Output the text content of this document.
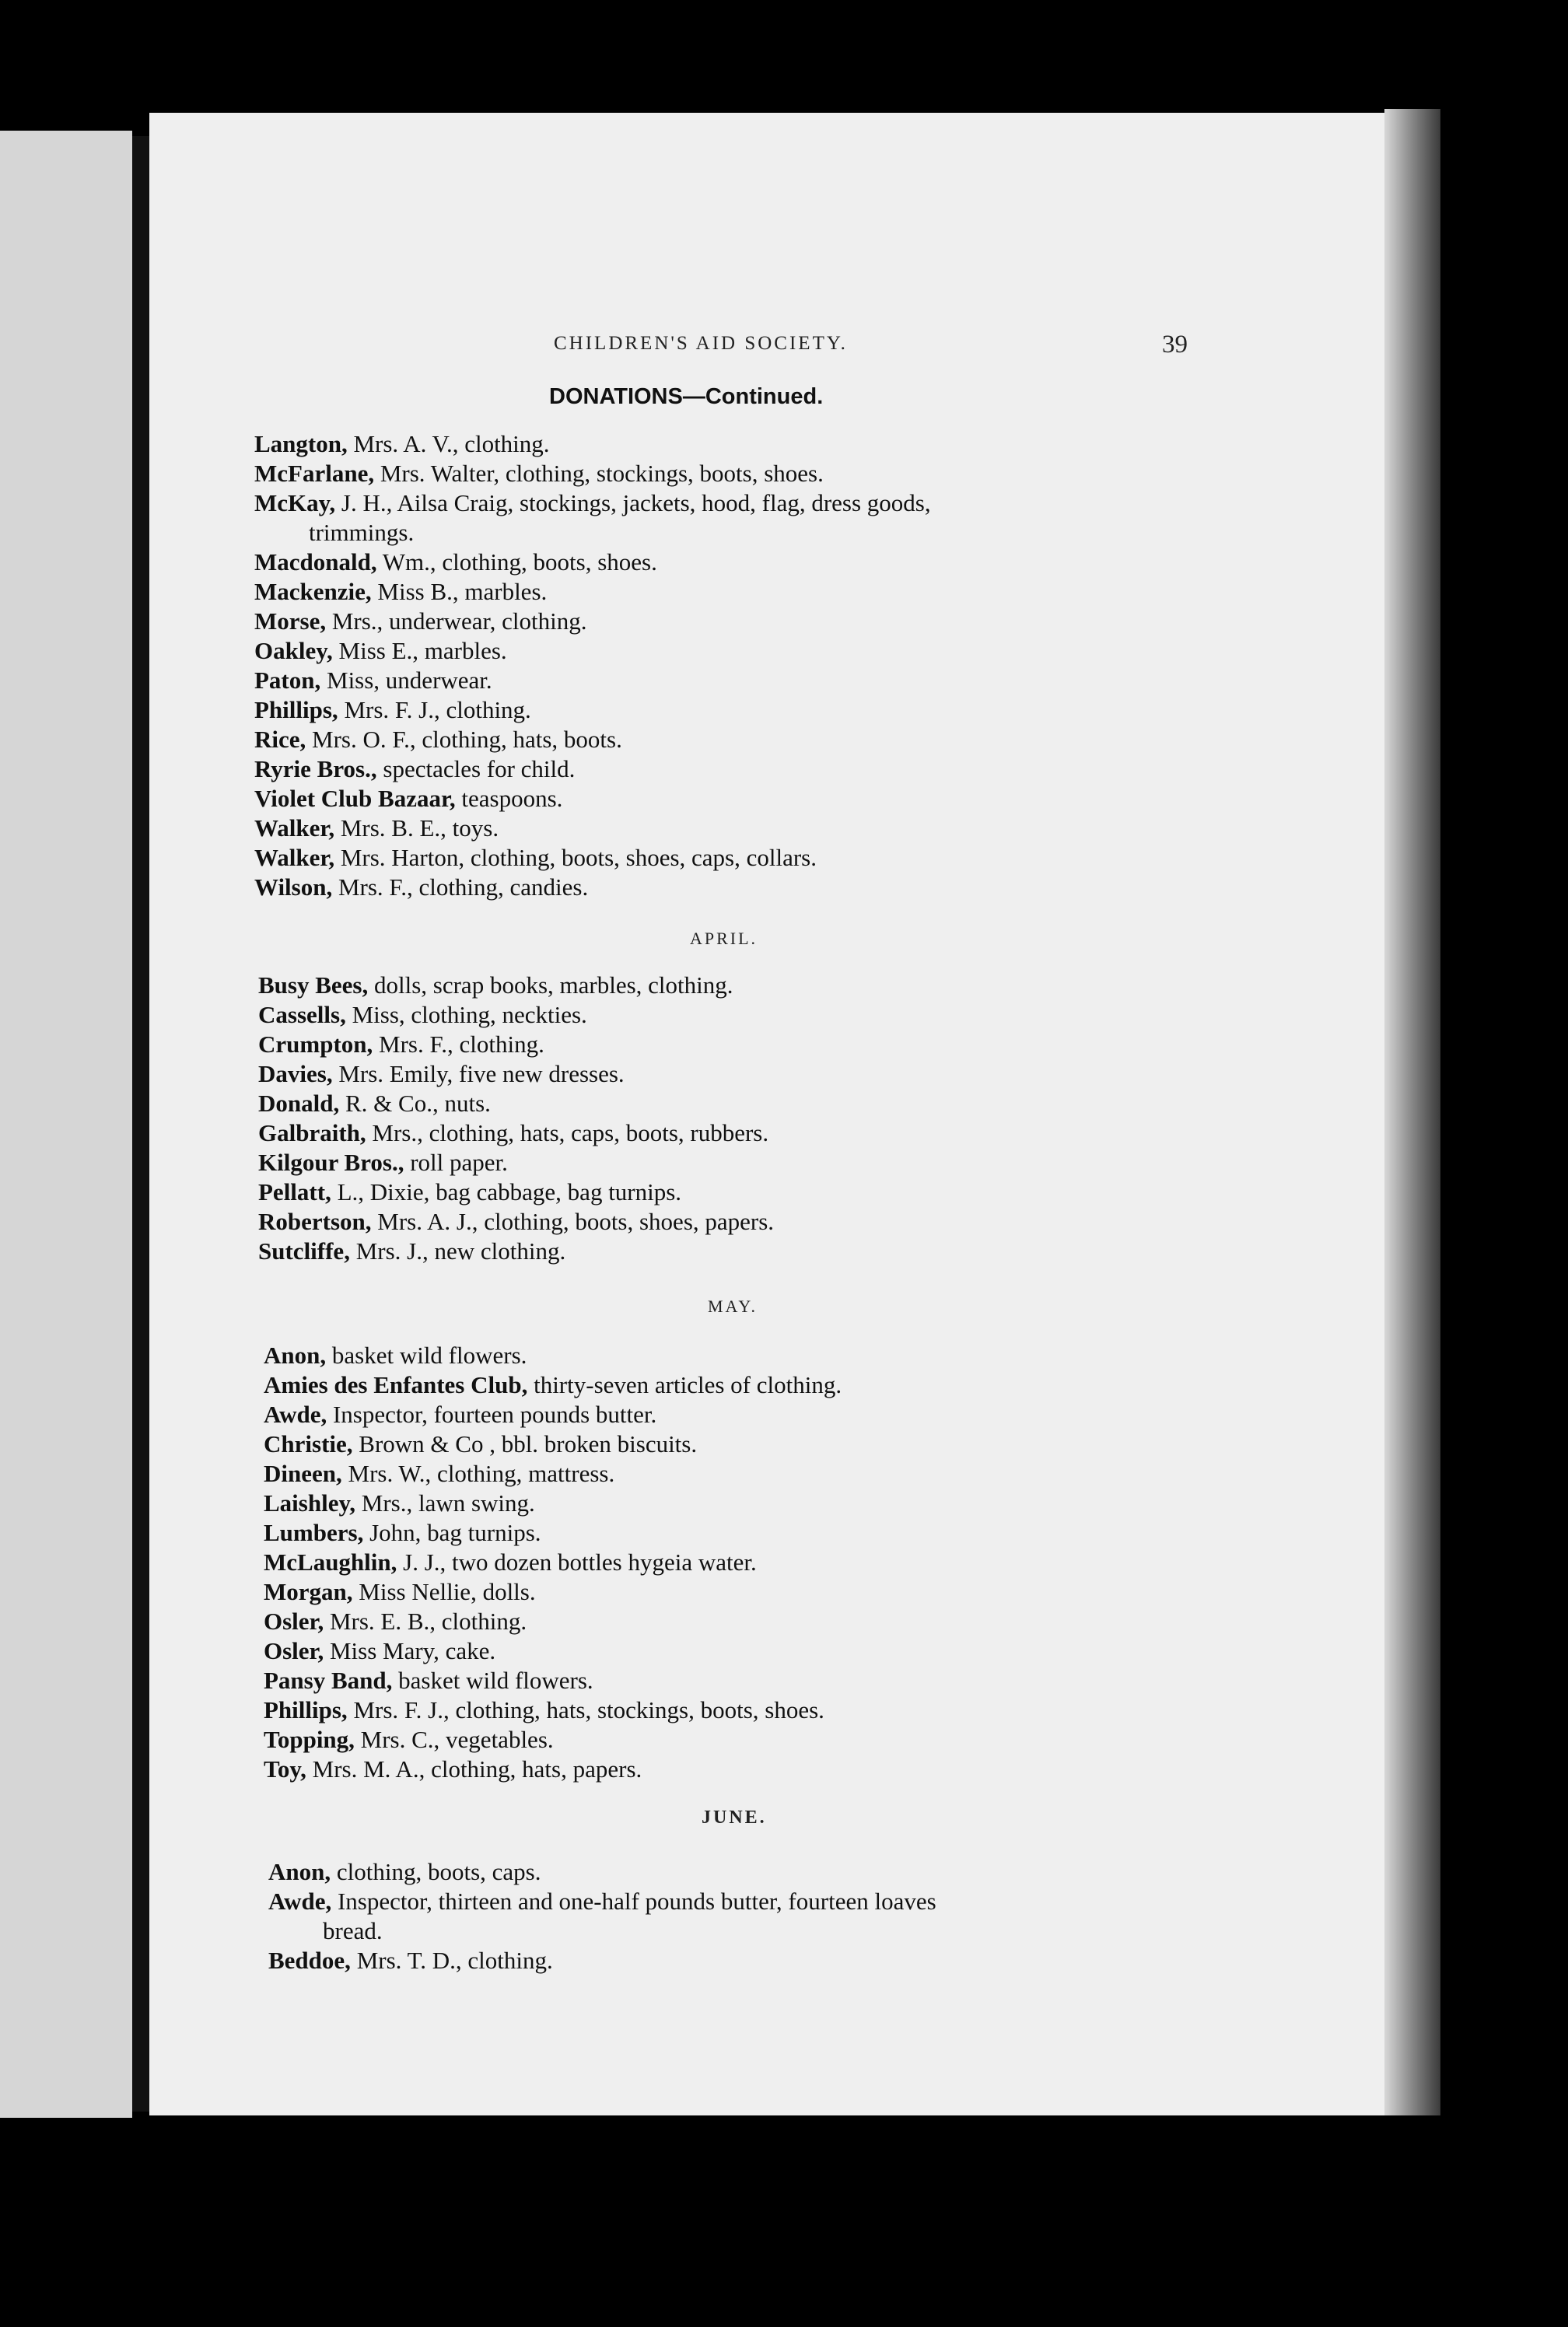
CHILDREN'S AID SOCIETY.	39
DONATIONS—Continued.
Langton, Mrs. A. V., clothing.
McFarlane, Mrs. Walter, clothing, stockings, boots, shoes.
McKay, J. H., Ailsa Craig, stockings, jackets, hood, flag, dress goods,
trimmings.
Macdonald, Wm., clothing, boots, shoes.
Mackenzie, Miss B., marbles.
Morse, Mrs., underwear, clothing.
Oakley, Miss E., marbles.
Paton, Miss, underwear.
Phillips, Mrs. F. J., clothing.
Rice, Mrs. O. F., clothing, hats, boots.
Ryrie Bros., spectacles for child.
Violet Club Bazaar, teaspoons.
Walker, Mrs. B. E., toys.
Walker, Mrs. Harton, clothing, boots, shoes, caps, collars.
Wilson, Mrs. F., clothing, candies.
APRIL.
Busy Bees, dolls, scrap books, marbles, clothing.
Cassells, Miss, clothing, neckties.
Crumpton, Mrs. F., clothing.
Davies, Mrs. Emily, five new dresses.
Donald, R. & Co., nuts.
Galbraith, Mrs., clothing, hats, caps, boots, rubbers.
Kilgour Bros., roll paper.
Pellatt, L., Dixie, bag cabbage, bag turnips.
Robertson, Mrs. A. J., clothing, boots, shoes, papers.
Sutcliffe, Mrs. J., new clothing.
MAY.
Anon, basket wild flowers.
Amies des Enfantes Club, thirty-seven articles of clothing.
Awde, Inspector, fourteen pounds butter.
Christie, Brown & Co , bbl. broken biscuits.
Dineen, Mrs. W., clothing, mattress.
Laishley, Mrs., lawn swing.
Lumbers, John, bag turnips.
McLaughlin, J. J., two dozen bottles hygeia water.
Morgan, Miss Nellie, dolls.
Osler, Mrs. E. B., clothing.
Osler, Miss Mary, cake.
Pansy Band, basket wild flowers.
Phillips, Mrs. F. J., clothing, hats, stockings, boots, shoes.
Topping, Mrs. C., vegetables.
Toy, Mrs. M. A., clothing, hats, papers.
JUNE.
Anon, clothing, boots, caps.
Awde, Inspector, thirteen and one-half pounds butter, fourteen loaves
bread.
Beddoe, Mrs. T. D., clothing.
